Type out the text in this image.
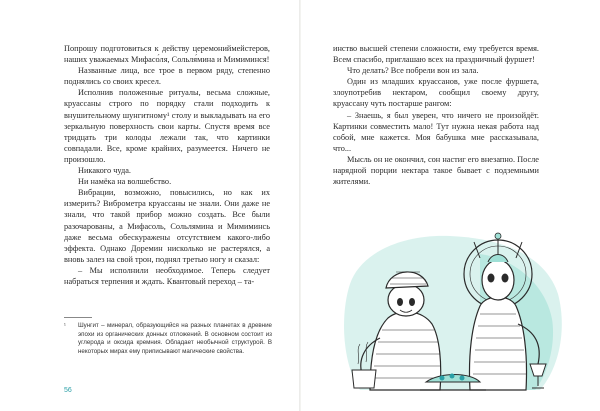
Попрошу подготовиться к действу церемониймейстеров, наших уважаемых Мифасо́ля, Сольля́мина и Мимиминся!

Названные лица, все трое в первом ряду, степенно поднялись со своих кресел.

Исполнив положенные ритуалы, весьма сложные, круассаны строго по порядку стали подходить к внушительному шунгитному¹ столу и выкладывать на его зеркальную поверхность свои карты. Спустя время все тридцать три колоды лежали так, что картинки совпадали. Все, кроме крайних, разумеется. Ничего не произошло.

Никакого чуда.

Ни намёка на волшебство.

Вибрации, возможно, повысились, но как их измерить? Виброметра круассаны не знали. Они даже не знали, что такой прибор можно создать. Все были разочарованы, а Мифасоль, Сольлямина и Мимиминсь даже весьма обескуражены отсутствием какого-либо эффекта. Однако Доремин нисколько не растерялся, а вновь залез на свой трон, поднял третью ногу и сказал:

– Мы исполнили необходимое. Теперь следует набраться терпения и ждать. Квантовый переход – та-

¹ Шунгит – минерал, образующийся на разных планетах в древние эпохи из органических донных отложений. В основном состоит из углерода и оксида кремния. Обладает необычной структурой. В некоторых мирах ему приписывают магические свойства.
56

инство высшей степени сложности, ему требуется время. Всем спасибо, приглашаю всех на праздничный фуршет!

Что делать? Все побрели вон из зала.

Один из младших круассанов, уже после фуршета, злоупотребив нектаром, сообщил своему другу, круассану чуть постарше рангом:

– Знаешь, я был уверен, что ничего не произойдёт. Картинки совместить мало! Тут нужна некая работа над собой, мне кажется. Моя бабушка мне рассказывала, что...

Мысль он не окончил, сон настиг его внезапно. После нарядной порции нектара такое бывает с подземными жителями.
